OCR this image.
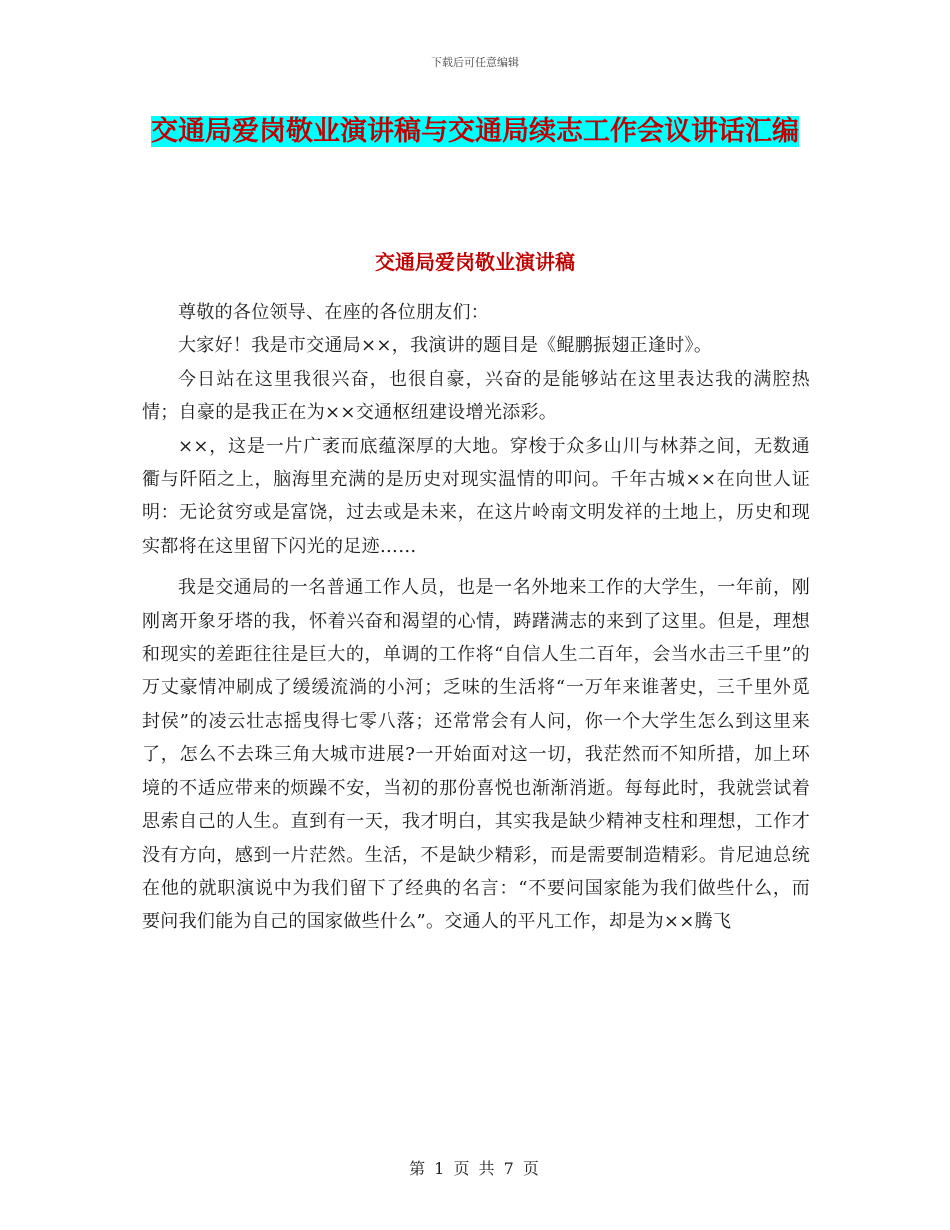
下载后可任意编辑
交通局爱岗敬业演讲稿与交通局续志工作会议讲话汇编
交通局爱岗敬业演讲稿

尊敬的各位领导、在座的各位朋友们：

大家好！我是市交通局××，我演讲的题目是《鲲鹏振翅正逢时》。

今日站在这里我很兴奋，也很自豪，兴奋的是能够站在这里表达我的满腔热情；自豪的是我正在为××交通枢纽建设增光添彩。

××，这是一片广袤而底蕴深厚的大地。穿梭于众多山川与林莽之间，无数通衢与阡陌之上，脑海里充满的是历史对现实温情的叩问。千年古城××在向世人证明：无论贫穷或是富饶，过去或是未来，在这片岭南文明发祥的土地上，历史和现实都将在这里留下闪光的足迹……

我是交通局的一名普通工作人员，也是一名外地来工作的大学生，一年前，刚刚离开象牙塔的我，怀着兴奋和渴望的心情，踌躇满志的来到了这里。但是，理想和现实的差距往往是巨大的，单调的工作将“自信人生二百年，会当水击三千里”的万丈豪情冲刷成了缓缓流淌的小河；乏味的生活将“一万年来谁著史，三千里外觅封侯”的凌云壮志摇曳得七零八落；还常常会有人问，你一个大学生怎么到这里来了，怎么不去珠三角大城市进展?一开始面对这一切，我茫然而不知所措，加上环境的不适应带来的烦躁不安，当初的那份喜悦也渐渐消逝。每每此时，我就尝试着思索自己的人生。直到有一天，我才明白，其实我是缺少精神支柱和理想，工作才没有方向，感到一片茫然。生活，不是缺少精彩，而是需要制造精彩。肯尼迪总统在他的就职演说中为我们留下了经典的名言：“不要问国家能为我们做些什么，而要问我们能为自己的国家做些什么”。交通人的平凡工作，却是为××腾飞

第 1 页 共 7 页
